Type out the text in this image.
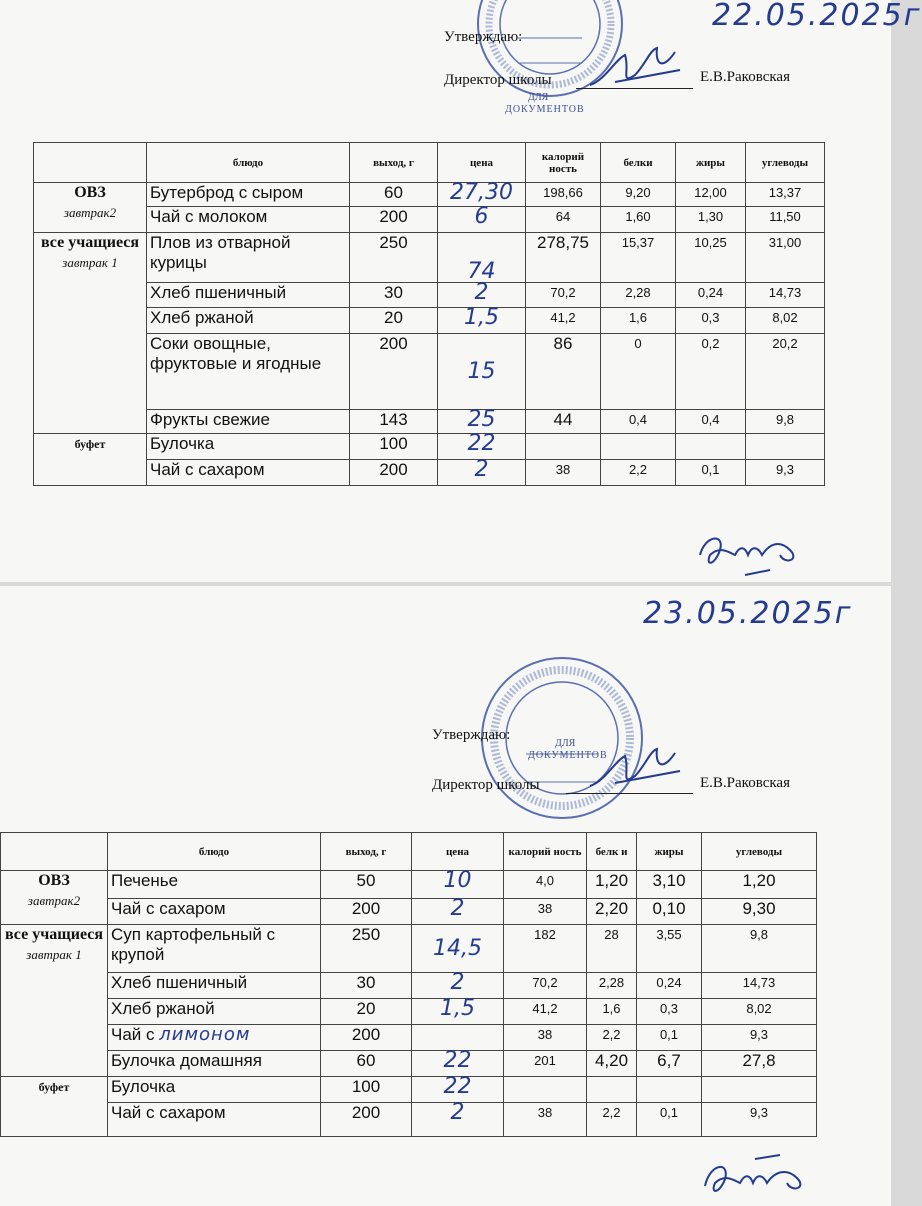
22.05.2025г
ДЛЯ
ДОКУМЕНТОВ
Утверждаю:
Директор школы	Е.В.Раковская
	блюдо	выход, г	цена	калорий ность	белки	жиры	углеводы

ОВЗ
завтрак2	Бутерброд с сыром	60	27,30	198,66	9,20	12,00	13,37
	Чай с молоком	200	6	64	1,60	1,30	11,50

все учащиеся
завтрак 1	Плов из отварной курицы	250	74	278,75	15,37	10,25	31,00
	Хлеб пшеничный	30	2	70,2	2,28	0,24	14,73
	Хлеб ржаной	20	1,5	41,2	1,6	0,3	8,02
	Соки овощные, фруктовые и ягодные	200	15	86	0	0,2	20,2
	Фрукты свежие	143	25	44	0,4	0,4	9,8

буфет	Булочка	100	22				
	Чай с сахаром	200	2	38	2,2	0,1	9,3
23.05.2025г
ДЛЯ
ДОКУМЕНТОВ
Утверждаю:
Директор школы	Е.В.Раковская
	блюдо	выход, г	цена	калорий ность	белк и	жиры	углеводы

ОВЗ
завтрак2	Печенье	50	10	4,0	1,20	3,10	1,20
	Чай с сахаром	200	2	38	2,20	0,10	9,30

все учащиеся
завтрак 1	Суп картофельный с крупой	250	14,5	182	28	3,55	9,8
	Хлеб пшеничный	30	2	70,2	2,28	0,24	14,73
	Хлеб ржаной	20	1,5	41,2	1,6	0,3	8,02
	Чай с лимоном	200		38	2,2	0,1	9,3
	Булочка домашняя	60	22	201	4,20	6,7	27,8

буфет	Булочка	100	22				
	Чай с сахаром	200	2	38	2,2	0,1	9,3
